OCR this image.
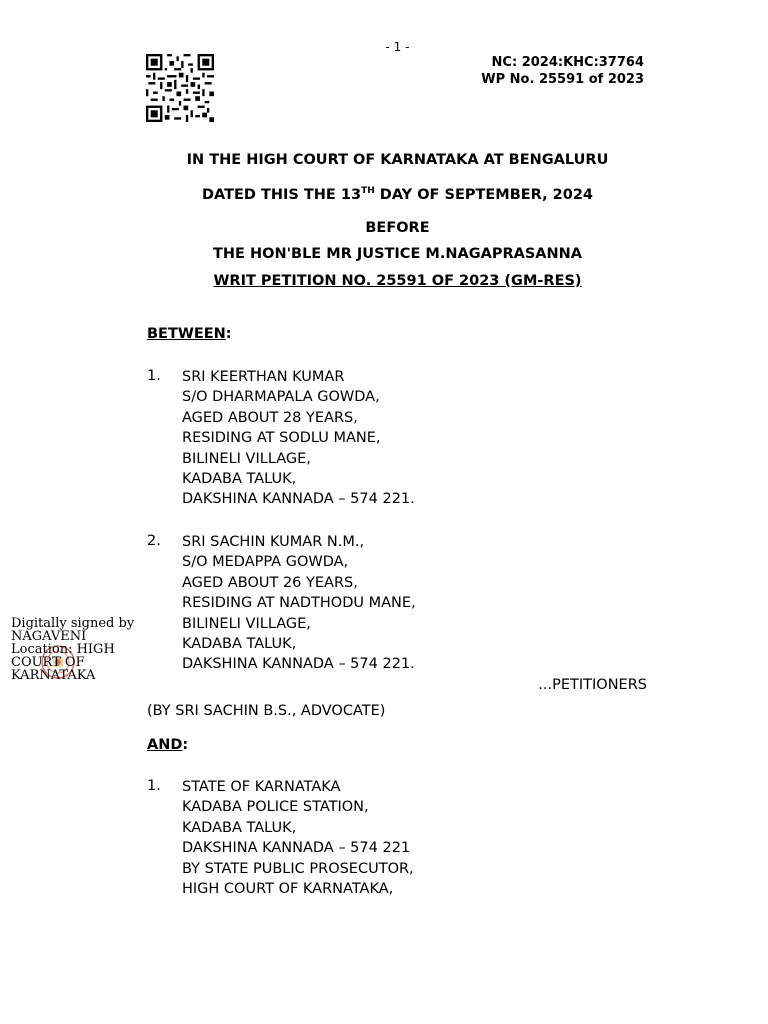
- 1 -
NC: 2024:KHC:37764
WP No. 25591 of 2023
IN THE HIGH COURT OF KARNATAKA AT BENGALURU
DATED THIS THE 13TH DAY OF SEPTEMBER, 2024
BEFORE
THE HON'BLE MR JUSTICE M.NAGAPRASANNA
WRIT PETITION NO. 25591 OF 2023 (GM-RES)
BETWEEN:
1. SRI KEERTHAN KUMAR
S/O DHARMAPALA GOWDA,
AGED ABOUT 28 YEARS,
RESIDING AT SODLU MANE,
BILINELI VILLAGE,
KADABA TALUK,
DAKSHINA KANNADA – 574 221.
2. SRI SACHIN KUMAR N.M.,
S/O MEDAPPA GOWDA,
AGED ABOUT 26 YEARS,
RESIDING AT NADTHODU MANE,
BILINELI VILLAGE,
KADABA TALUK,
DAKSHINA KANNADA – 574 221.
...PETITIONERS
(BY SRI SACHIN B.S., ADVOCATE)
AND:
1. STATE OF KARNATAKA
KADABA POLICE STATION,
KADABA TALUK,
DAKSHINA KANNADA – 574 221
BY STATE PUBLIC PROSECUTOR,
HIGH COURT OF KARNATAKA,
Digitally signed by
NAGAVENI
Location: HIGH
COURT OF
KARNATAKA
